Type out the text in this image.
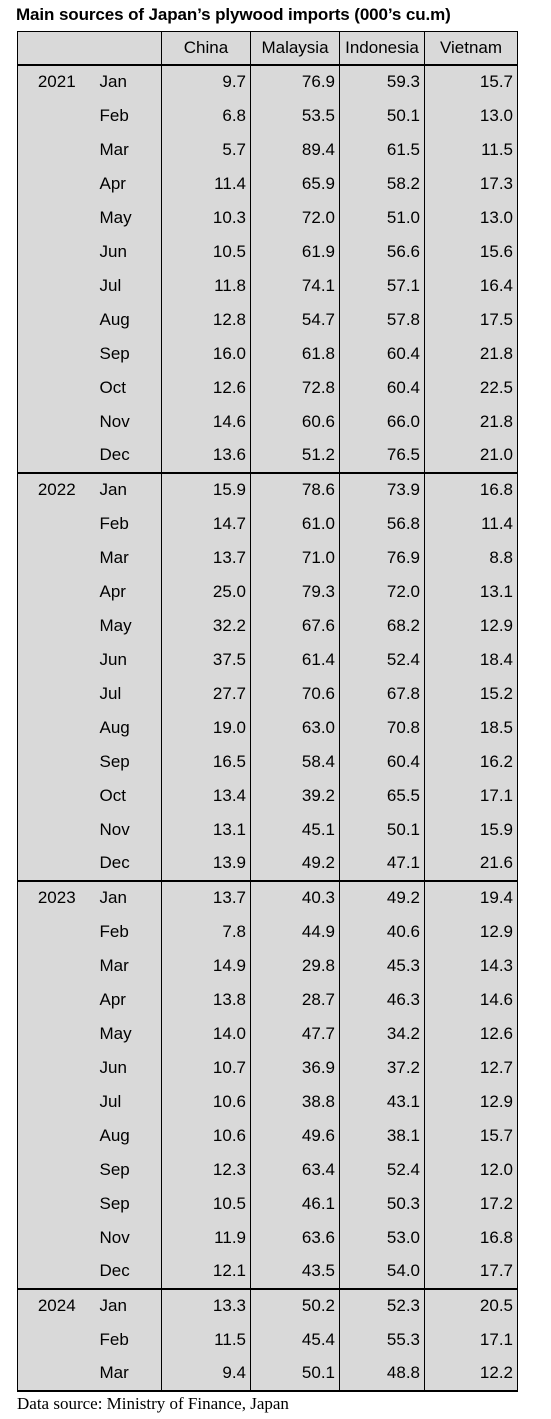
Main sources of Japan’s plywood imports (000’s cu.m)
		China	Malaysia	Indonesia	Vietnam
2021	Jan	9.7	76.9	59.3	15.7
	Feb	6.8	53.5	50.1	13.0
	Mar	5.7	89.4	61.5	11.5
	Apr	11.4	65.9	58.2	17.3
	May	10.3	72.0	51.0	13.0
	Jun	10.5	61.9	56.6	15.6
	Jul	11.8	74.1	57.1	16.4
	Aug	12.8	54.7	57.8	17.5
	Sep	16.0	61.8	60.4	21.8
	Oct	12.6	72.8	60.4	22.5
	Nov	14.6	60.6	66.0	21.8
	Dec	13.6	51.2	76.5	21.0
2022	Jan	15.9	78.6	73.9	16.8
	Feb	14.7	61.0	56.8	11.4
	Mar	13.7	71.0	76.9	8.8
	Apr	25.0	79.3	72.0	13.1
	May	32.2	67.6	68.2	12.9
	Jun	37.5	61.4	52.4	18.4
	Jul	27.7	70.6	67.8	15.2
	Aug	19.0	63.0	70.8	18.5
	Sep	16.5	58.4	60.4	16.2
	Oct	13.4	39.2	65.5	17.1
	Nov	13.1	45.1	50.1	15.9
	Dec	13.9	49.2	47.1	21.6
2023	Jan	13.7	40.3	49.2	19.4
	Feb	7.8	44.9	40.6	12.9
	Mar	14.9	29.8	45.3	14.3
	Apr	13.8	28.7	46.3	14.6
	May	14.0	47.7	34.2	12.6
	Jun	10.7	36.9	37.2	12.7
	Jul	10.6	38.8	43.1	12.9
	Aug	10.6	49.6	38.1	15.7
	Sep	12.3	63.4	52.4	12.0
	Sep	10.5	46.1	50.3	17.2
	Nov	11.9	63.6	53.0	16.8
	Dec	12.1	43.5	54.0	17.7
2024	Jan	13.3	50.2	52.3	20.5
	Feb	11.5	45.4	55.3	17.1
	Mar	9.4	50.1	48.8	12.2
Data source: Ministry of Finance, Japan
